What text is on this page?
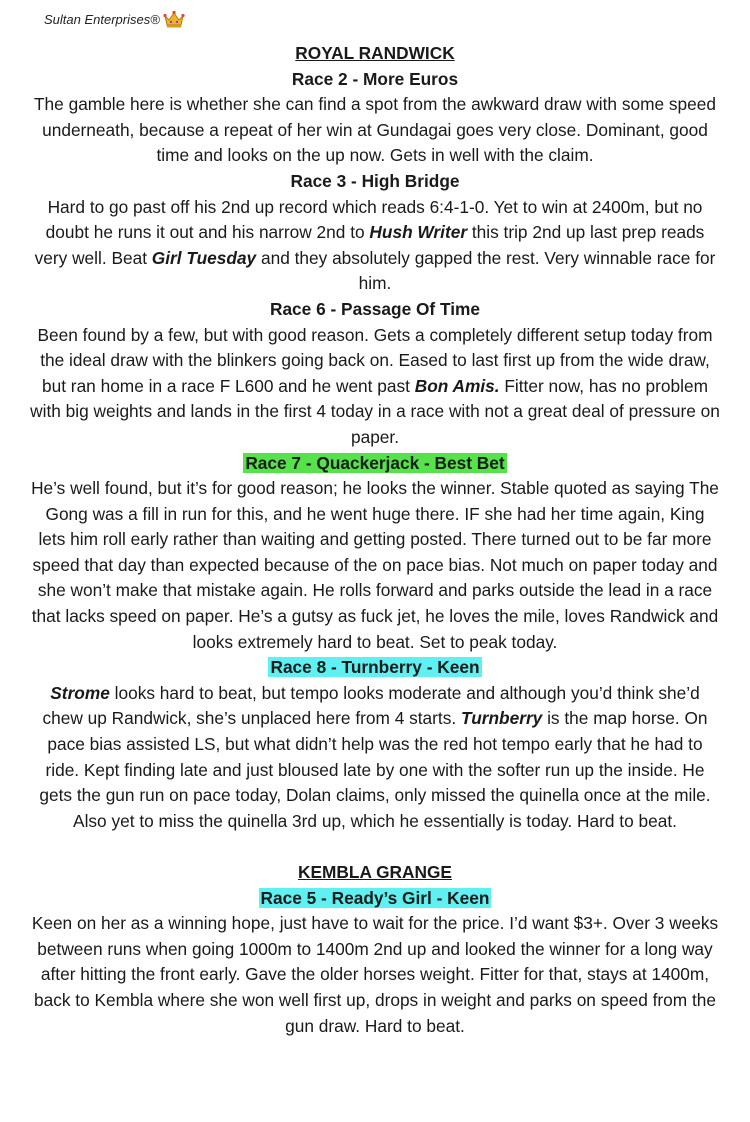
Sultan Enterprises®
ROYAL RANDWICK
Race 2 - More Euros

The gamble here is whether she can find a spot from the awkward draw with some speed underneath, because a repeat of her win at Gundagai goes very close. Dominant, good time and looks on the up now. Gets in well with the claim.

Race 3 - High Bridge

Hard to go past off his 2nd up record which reads 6:4-1-0. Yet to win at 2400m, but no doubt he runs it out and his narrow 2nd to Hush Writer this trip 2nd up last prep reads very well. Beat Girl Tuesday and they absolutely gapped the rest. Very winnable race for him.

Race 6 - Passage Of Time

Been found by a few, but with good reason. Gets a completely different setup today from the ideal draw with the blinkers going back on. Eased to last first up from the wide draw, but ran home in a race F L600 and he went past Bon Amis. Fitter now, has no problem with big weights and lands in the first 4 today in a race with not a great deal of pressure on paper.

Race 7 - Quackerjack - Best Bet

He’s well found, but it’s for good reason; he looks the winner. Stable quoted as saying The Gong was a fill in run for this, and he went huge there. IF she had her time again, King lets him roll early rather than waiting and getting posted. There turned out to be far more speed that day than expected because of the on pace bias. Not much on paper today and she won’t make that mistake again. He rolls forward and parks outside the lead in a race that lacks speed on paper. He’s a gutsy as fuck jet, he loves the mile, loves Randwick and looks extremely hard to beat. Set to peak today.

Race 8 - Turnberry - Keen

Strome looks hard to beat, but tempo looks moderate and although you’d think she’d chew up Randwick, she’s unplaced here from 4 starts. Turnberry is the map horse. On pace bias assisted LS, but what didn’t help was the red hot tempo early that he had to ride. Kept finding late and just bloused late by one with the softer run up the inside. He gets the gun run on pace today, Dolan claims, only missed the quinella once at the mile. Also yet to miss the quinella 3rd up, which he essentially is today. Hard to beat.

KEMBLA GRANGE
Race 5 - Ready’s Girl - Keen

Keen on her as a winning hope, just have to wait for the price. I’d want $3+. Over 3 weeks between runs when going 1000m to 1400m 2nd up and looked the winner for a long way after hitting the front early. Gave the older horses weight. Fitter for that, stays at 1400m, back to Kembla where she won well first up, drops in weight and parks on speed from the gun draw. Hard to beat.
